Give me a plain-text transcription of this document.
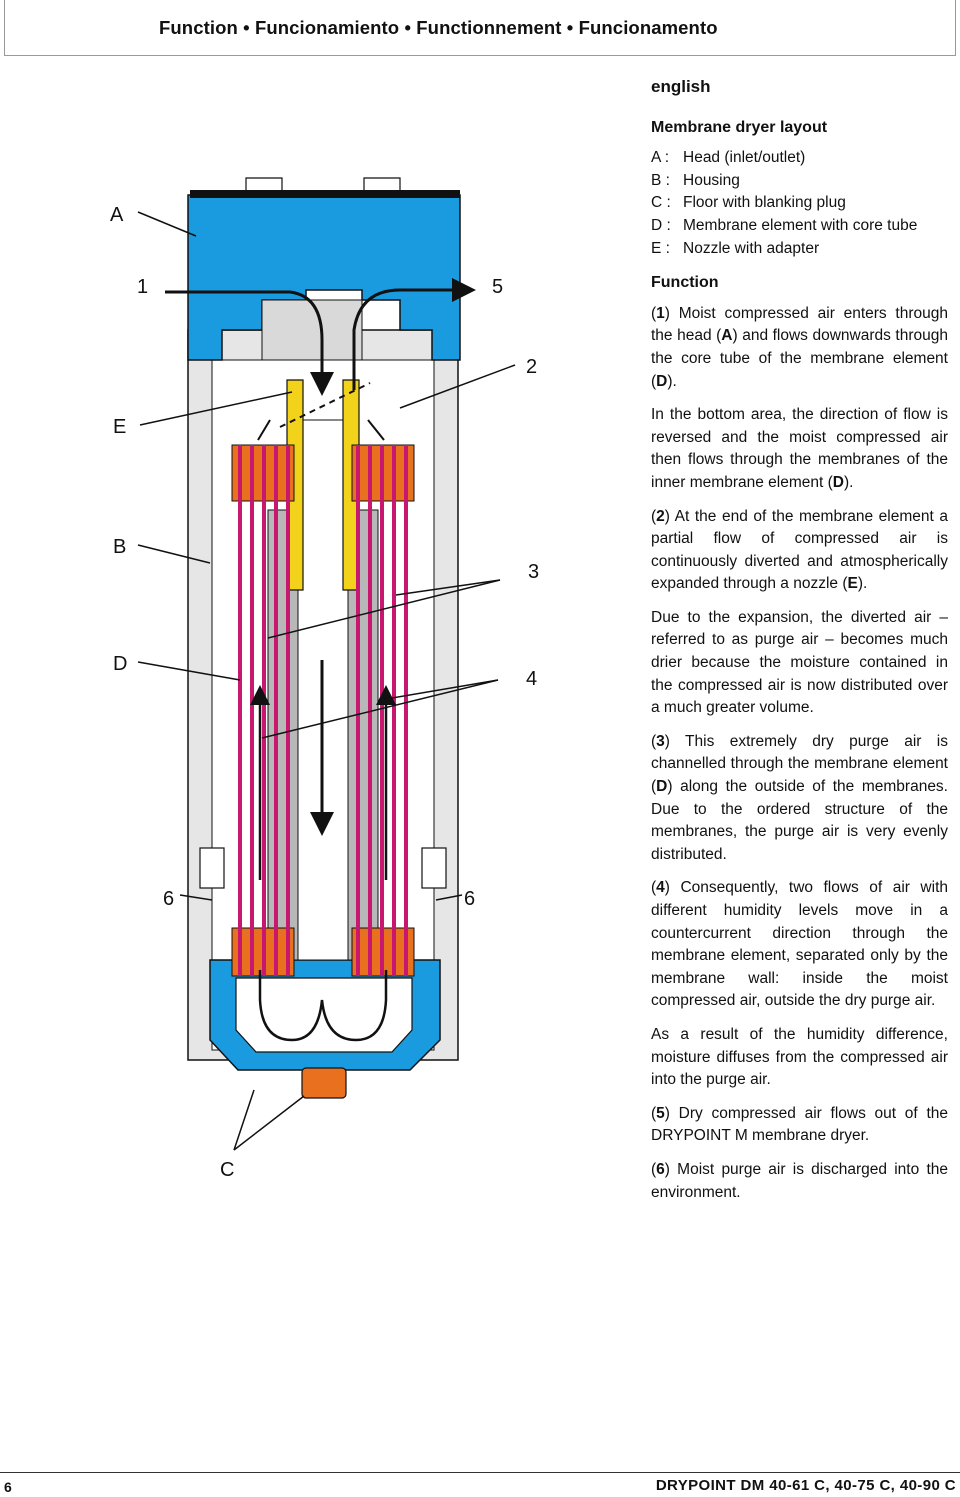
Function • Funcionamiento • Functionnement • Funcionamento
A
1	5
2
E
B
3
D
4
6	6
C
english
Membrane dryer layout
A : Head (inlet/outlet)
B : Housing
C : Floor with blanking plug
D : Membrane element with core tube
E : Nozzle with adapter
Function
(1) Moist compressed air enters through the head (A) and flows downwards through the core tube of the membrane element (D).
In the bottom area, the direction of flow is reversed and the moist compressed air then flows through the membranes of the inner membrane element (D).
(2) At the end of the membrane element a partial flow of compressed air is continuously diverted and atmospherically expanded through a nozzle (E).
Due to the expansion, the diverted air – referred to as purge air – becomes much drier because the moisture contained in the compressed air is now distributed over a much greater volume.
(3) This extremely dry purge air is channelled through the membrane element (D) along the outside of the membranes. Due to the ordered structure of the membranes, the purge air is very evenly distributed.
(4) Consequently, two flows of air with different humidity levels move in a countercurrent direction through the membrane element, separated only by the membrane wall: inside the moist compressed air, outside the dry purge air.
As a result of the humidity difference, moisture diffuses from the compressed air into the purge air.
(5) Dry compressed air flows out of the DRYPOINT M membrane dryer.
(6) Moist purge air is discharged into the environment.
6	DRYPOINT DM 40-61 C, 40-75 C, 40-90 C
